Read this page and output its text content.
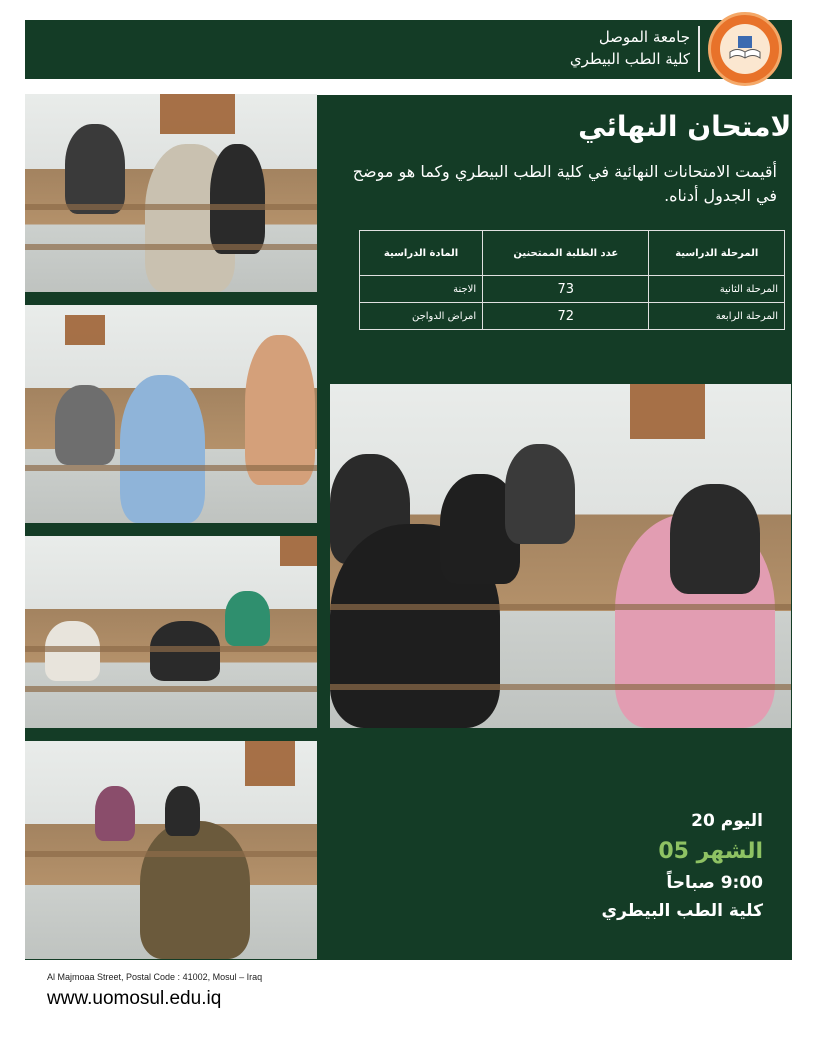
جامعة الموصل
كلية الطب البيطري
الامتحان النهائي
أقيمت الامتحانات النهائية في كلية الطب البيطري وكما هو موضح في الجدول أدناه.
المرحلة الدراسية	عدد الطلبة الممتحنين	المادة الدراسية
المرحلة الثانية	73	الاجنة
المرحلة الرابعة	72	امراض الدواجن
اليوم 20
الشهر 05
9:00 صباحاً
كلية الطب البيطري
Al Majmoaa Street, Postal Code : 41002, Mosul – Iraq
www.uomosul.edu.iq
